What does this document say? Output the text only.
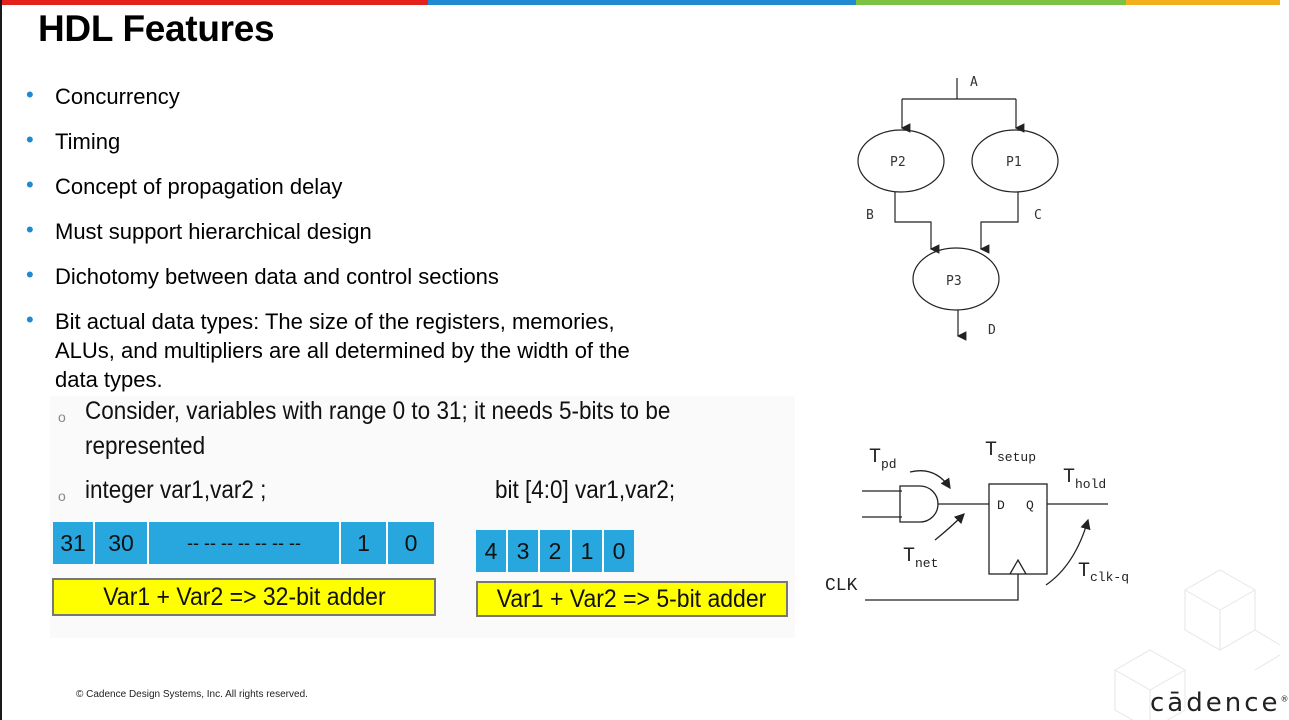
HDL Features
• Concurrency
• Timing
• Concept of propagation delay
• Must support hierarchical design
• Dichotomy between data and control sections
• Bit actual data types: The size of the registers, memories, ALUs, and multipliers are all determined by the width of the data types.
o Consider, variables with range 0 to 31; it needs 5-bits to be
represented
o integer var1,var2 ;	bit [4:0] var1,var2;
31 30	-- -- -- -- -- -- --	1	0
Var1 + Var2 => 32-bit adder
4 3 2 1 0
Var1 + Var2 => 5-bit adder
A
P2	P1
P3
B	C
D
T pd
T setup
T hold
T net	T clk-q
D Q
CLK
© Cadence Design Systems, Inc. All rights reserved.	cādence®
